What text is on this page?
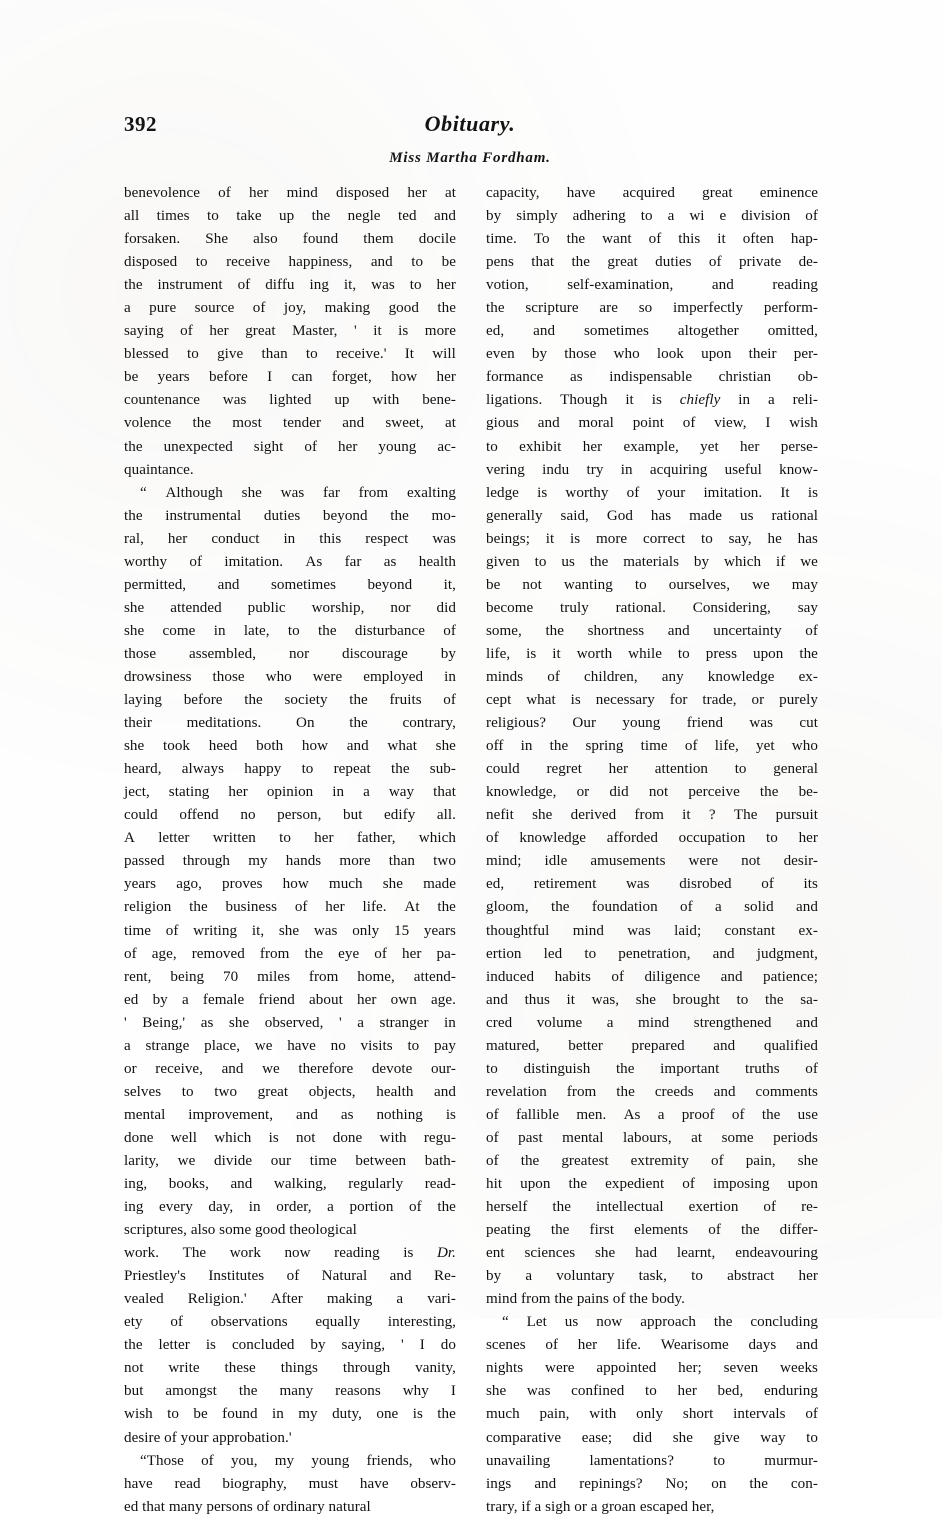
392	Obituary.
Miss Martha Fordham.
benevolence of her mind disposed her at
all times to take up the negle ted and
forsaken. She also found them docile
disposed to receive happiness, and to be
the instrument of diffu ing it, was to her
a pure source of joy, making good the
saying of her great Master, ' it is more
blessed to give than to receive.' It will
be years before I can forget, how her
countenance was lighted up with bene-
volence the most tender and sweet, at
the unexpected sight of her young ac-
quaintance.
“ Although she was far from exalting
the instrumental duties beyond the mo-
ral, her conduct in this respect was
worthy of imitation. As far as health
permitted, and sometimes beyond it,
she attended public worship, nor did
she come in late, to the disturbance of
those assembled, nor discourage by
drowsiness those who were employed in
laying before the society the fruits of
their meditations. On the contrary,
she took heed both how and what she
heard, always happy to repeat the sub-
ject, stating her opinion in a way that
could offend no person, but edify all.
A letter written to her father, which
passed through my hands more than two
years ago, proves how much she made
religion the business of her life. At the
time of writing it, she was only 15 years
of age, removed from the eye of her pa-
rent, being 70 miles from home, attend-
ed by a female friend about her own age.
' Being,' as she observed, ' a stranger in
a strange place, we have no visits to pay
or receive, and we therefore devote our-
selves to two great objects, health and
mental improvement, and as nothing is
done well which is not done with regu-
larity, we divide our time between bath-
ing, books, and walking, regularly read-
ing every day, in order, a portion of the
scriptures, also some good theological
work. The work now reading is Dr.
Priestley's Institutes of Natural and Re-
vealed Religion.' After making a vari-
ety of observations equally interesting,
the letter is concluded by saying, ' I do
not write these things through vanity,
but amongst the many reasons why I
wish to be found in my duty, one is the
desire of your approbation.'
“Those of you, my young friends, who
have read biography, must have observ-
ed that many persons of ordinary natural
capacity, have acquired great eminence
by simply adhering to a wi e division of
time. To the want of this it often hap-
pens that the great duties of private de-
votion,	self-examination,	and	reading
the scripture are so imperfectly perform-
ed, and sometimes altogether omitted,
even by those who look upon their per-
formance as indispensable christian ob-
ligations. Though it is chiefly in a reli-
gious and moral point of view, I wish
to exhibit her example, yet her perse-
vering indu try in acquiring useful know-
ledge is worthy of your imitation. It is
generally said, God has made us rational
beings; it is more correct to say, he has
given to us the materials by which if we
be not wanting to ourselves, we may
become truly rational. Considering, say
some, the shortness and uncertainty of
life, is it worth while to press upon the
minds of children, any knowledge ex-
cept what is necessary for trade, or purely
religious? Our young friend was cut
off in the spring time of life, yet who
could regret her attention to general
knowledge, or did not perceive the be-
nefit she derived from it ? The pursuit
of knowledge afforded occupation to her
mind; idle amusements were not desir-
ed, retirement was disrobed of its
gloom, the foundation of a solid and
thoughtful mind was laid; constant ex-
ertion led to penetration, and judgment,
induced habits of diligence and patience;
and thus it was, she brought to the sa-
cred volume a mind strengthened and
matured, better prepared and qualified
to distinguish the important truths of
revelation from the creeds and comments
of fallible men. As a proof of the use
of past mental labours, at some periods
of the greatest extremity of pain, she
hit upon the expedient of imposing upon
herself the intellectual exertion of re-
peating the first elements of the differ-
ent sciences she had learnt, endeavouring
by a voluntary task, to abstract her
mind from the pains of the body.
“ Let us now approach the concluding
scenes of her life. Wearisome days and
nights were appointed her; seven weeks
she was confined to her bed, enduring
much pain, with only short intervals of
comparative ease; did she give way to
unavailing	lamentations?	to	murmur-
ings and repinings? No; on the con-
trary, if a sigh or a groan escaped her,
